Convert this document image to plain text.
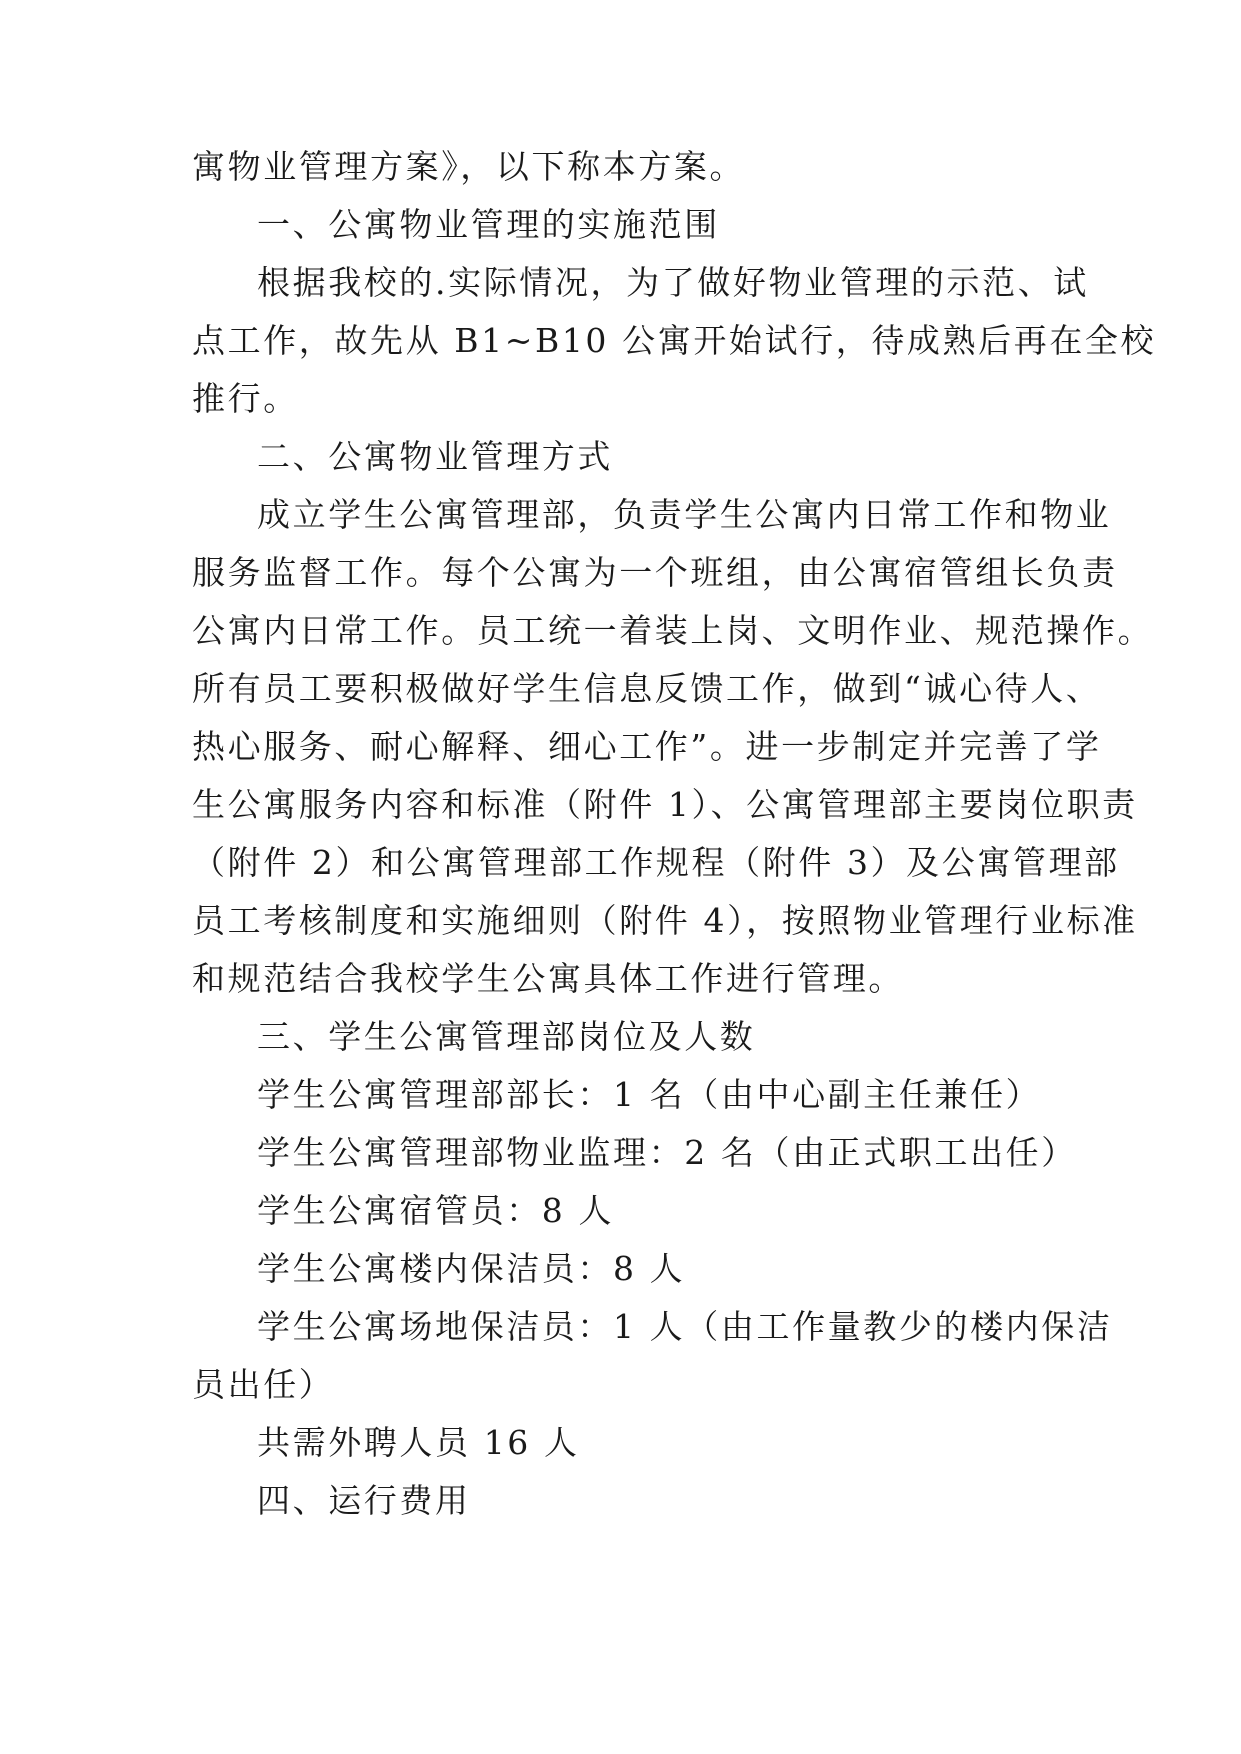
寓物业管理方案》，以下称本方案。
一、公寓物业管理的实施范围
根据我校的.实际情况，为了做好物业管理的示范、试
点工作，故先从 B1~B10 公寓开始试行，待成熟后再在全校
推行。
二、公寓物业管理方式
成立学生公寓管理部，负责学生公寓内日常工作和物业
服务监督工作。每个公寓为一个班组，由公寓宿管组长负责
公寓内日常工作。员工统一着装上岗、文明作业、规范操作。
所有员工要积极做好学生信息反馈工作，做到“诚心待人、
热心服务、耐心解释、细心工作”。进一步制定并完善了学
生公寓服务内容和标准（附件 1）、公寓管理部主要岗位职责
（附件 2）和公寓管理部工作规程（附件 3）及公寓管理部
员工考核制度和实施细则（附件 4），按照物业管理行业标准
和规范结合我校学生公寓具体工作进行管理。
三、学生公寓管理部岗位及人数
学生公寓管理部部长：1 名（由中心副主任兼任）
学生公寓管理部物业监理：2 名（由正式职工出任）
学生公寓宿管员：8 人
学生公寓楼内保洁员：8 人
学生公寓场地保洁员：1 人（由工作量教少的楼内保洁
员出任）
共需外聘人员 16 人
四、运行费用
